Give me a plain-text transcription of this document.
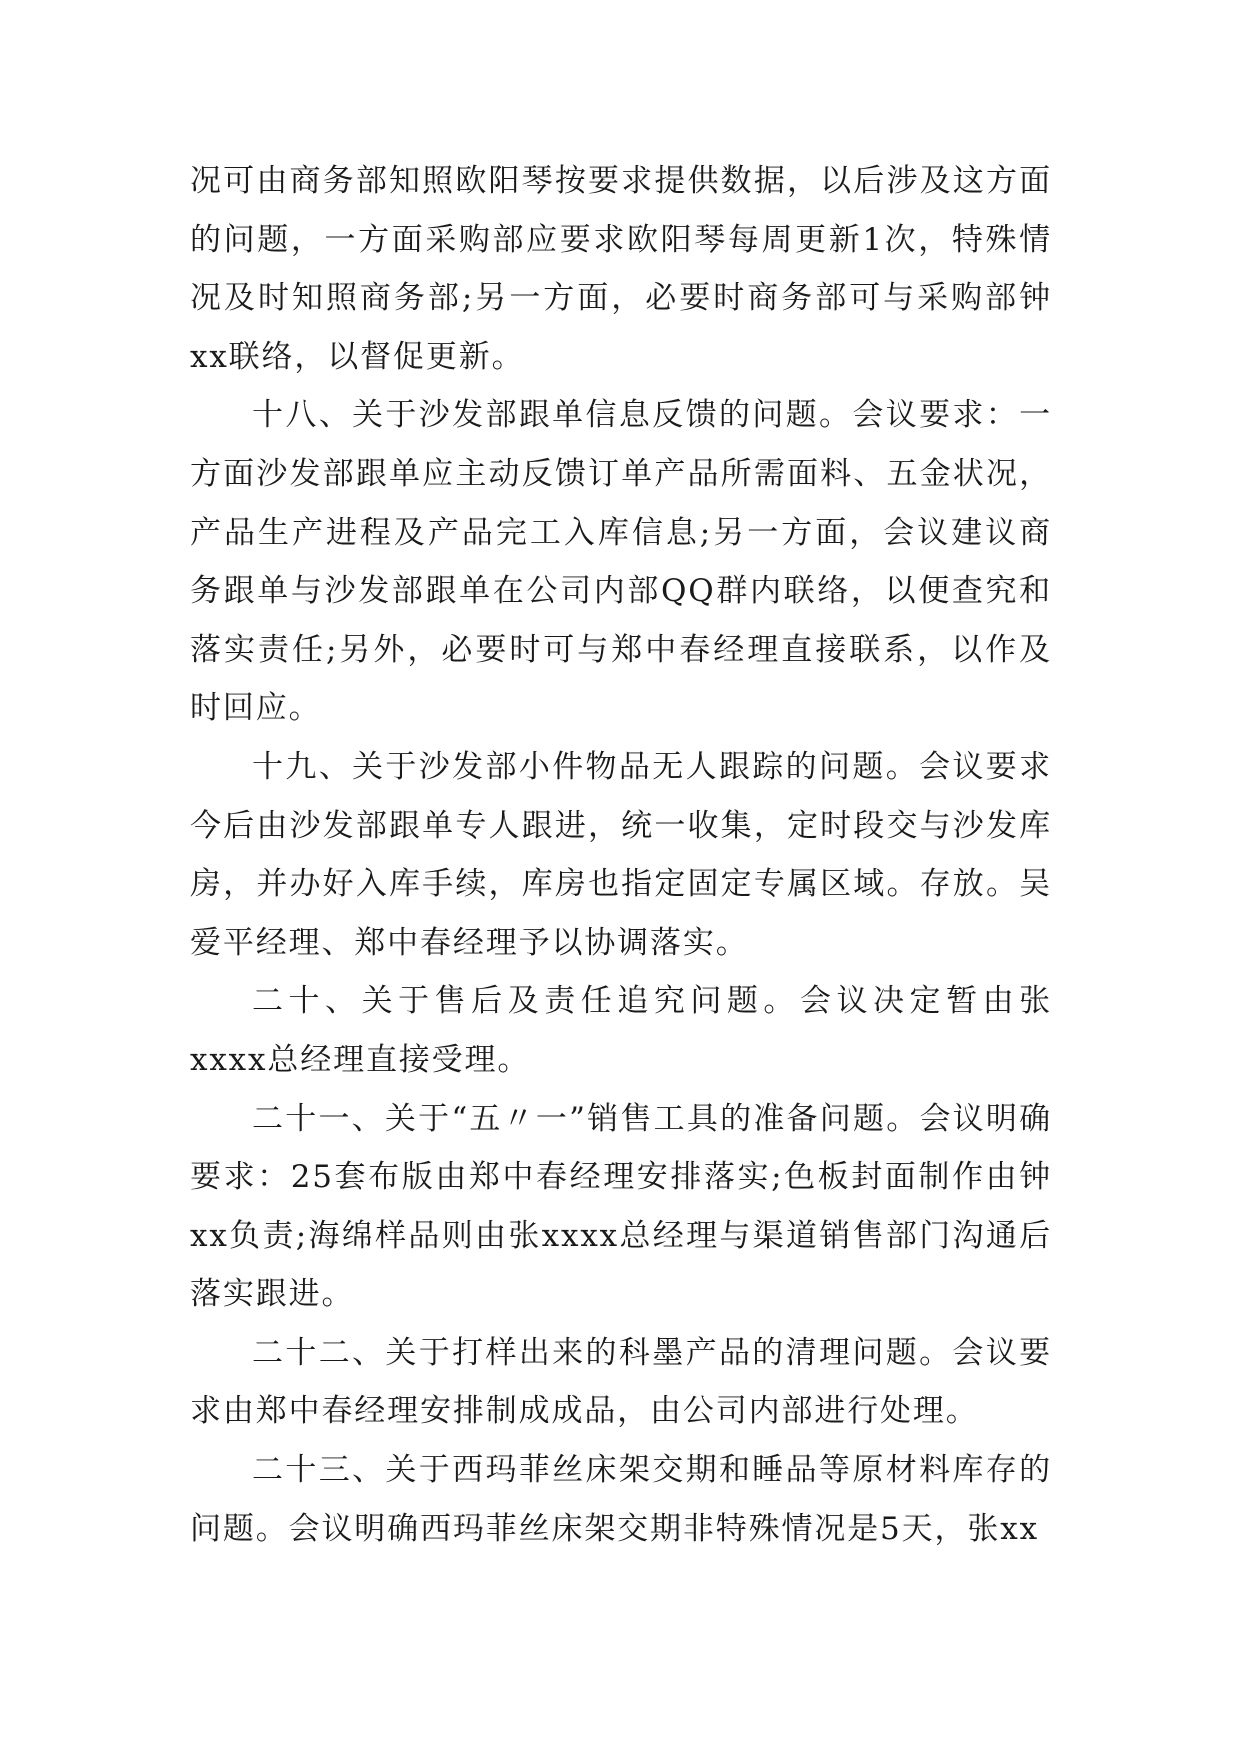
况可由商务部知照欧阳琴按要求提供数据，以后涉及这方面的问题，一方面采购部应要求欧阳琴每周更新1次，特殊情况及时知照商务部;另一方面，必要时商务部可与采购部钟xx联络，以督促更新。

十八、关于沙发部跟单信息反馈的问题。会议要求：一方面沙发部跟单应主动反馈订单产品所需面料、五金状况，产品生产进程及产品完工入库信息;另一方面，会议建议商务跟单与沙发部跟单在公司内部QQ群内联络，以便查究和落实责任;另外，必要时可与郑中春经理直接联系，以作及时回应。

十九、关于沙发部小件物品无人跟踪的问题。会议要求今后由沙发部跟单专人跟进，统一收集，定时段交与沙发库房，并办好入库手续，库房也指定固定专属区域。存放。吴爱平经理、郑中春经理予以协调落实。

二十、关于售后及责任追究问题。会议决定暂由张xxxx总经理直接受理。

二十一、关于“五〃一”销售工具的准备问题。会议明确要求：25套布版由郑中春经理安排落实;色板封面制作由钟xx负责;海绵样品则由张xxxx总经理与渠道销售部门沟通后落实跟进。

二十二、关于打样出来的科墨产品的清理问题。会议要求由郑中春经理安排制成成品，由公司内部进行处理。

二十三、关于西玛菲丝床架交期和睡品等原材料库存的问题。会议明确西玛菲丝床架交期非特殊情况是5天，张xx
